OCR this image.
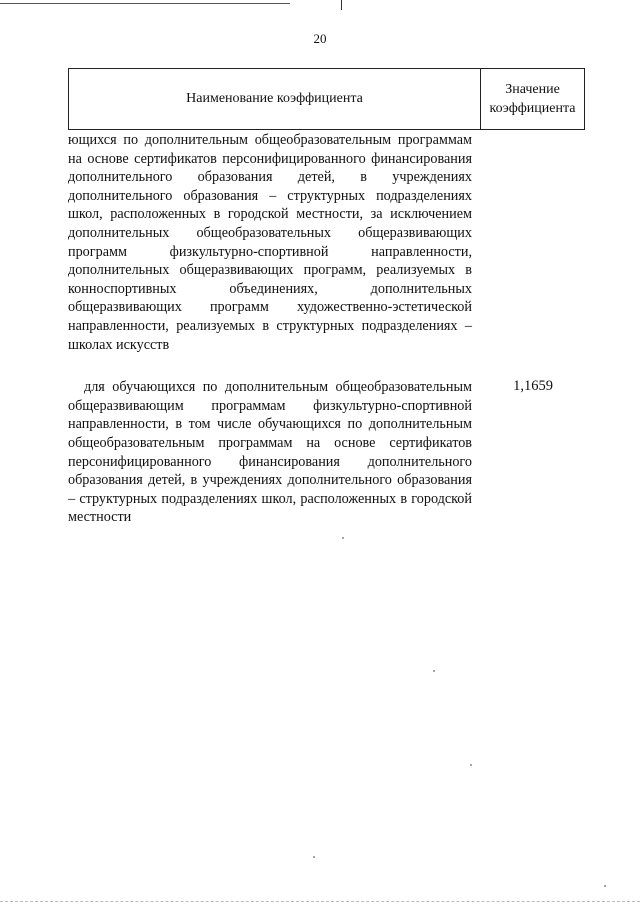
20
Наименование коэффициента
Значение коэффициента
ющихся по дополнительным общеобразовательным программам на основе сертификатов персонифицированного финансирования дополнительного образования детей, в учреждениях дополнительного образования – структурных подразделениях школ, расположенных в городской местности, за исключением дополнительных общеобразовательных общеразвивающих программ физкультурно-спортивной направленности, дополнительных общеразвивающих программ, реализуемых в конноспортивных объединениях, дополнительных общеразвивающих программ художественно-эстетической направленности, реализуемых в структурных подразделениях – школах искусств
для обучающихся по дополнительным общеобразовательным общеразвивающим программам физкультурно-спортивной направленности, в том числе обучающихся по дополнительным общеобразовательным программам на основе сертификатов персонифицированного финансирования дополнительного образования детей, в учреждениях дополнительного образования – структурных подразделениях школ, расположенных в городской местности
1,1659
